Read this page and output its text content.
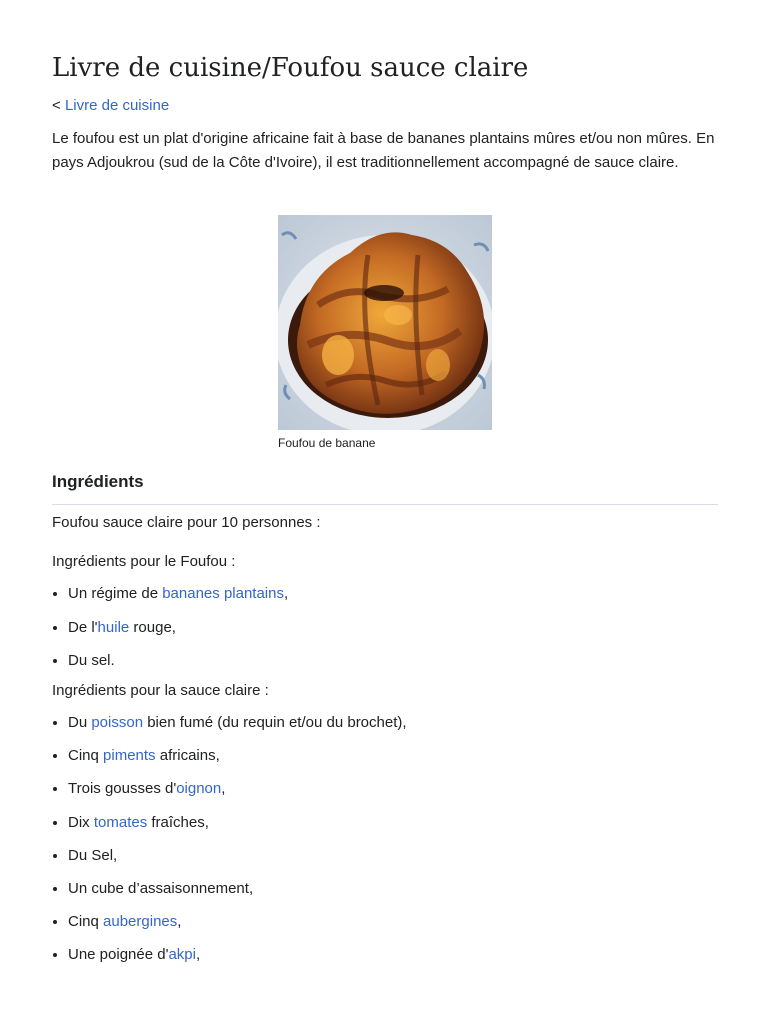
Livre de cuisine/Foufou sauce claire
< Livre de cuisine

Le foufou est un plat d'origine africaine fait à base de bananes plantains mûres et/ou non mûres. En pays Adjoukrou (sud de la Côte d'Ivoire), il est traditionnellement accompagné de sauce claire.

Foufou de banane
Ingrédients

Foufou sauce claire pour 10 personnes :

Ingrédients pour le Foufou :

• Un régime de bananes plantains,
• De l'huile rouge,
• Du sel.

Ingrédients pour la sauce claire :

• Du poisson bien fumé (du requin et/ou du brochet),
• Cinq piments africains,
• Trois gousses d'oignon,
• Dix tomates fraîches,
• Du Sel,
• Un cube d’assaisonnement,
• Cinq aubergines,
• Une poignée d'akpi,
